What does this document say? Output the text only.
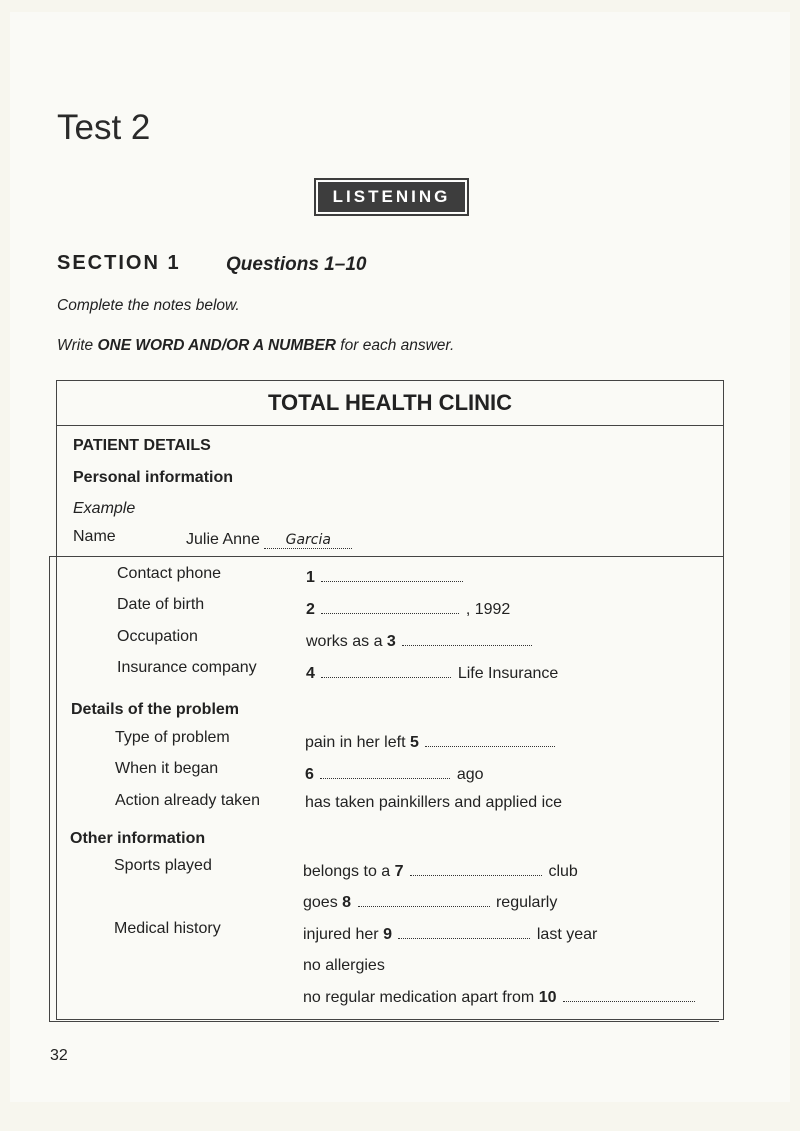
Test 2
LISTENING
SECTION 1 Questions 1–10
Complete the notes below.
Write ONE WORD AND/OR A NUMBER for each answer.
TOTAL HEALTH CLINIC
PATIENT DETAILS
Personal information
Example
Name	Julie Anne Garcia
Contact phone	1
Date of birth	2	, 1992
Occupation	works as a 3
Insurance company	4	Life Insurance
Details of the problem
Type of problem	pain in her left 5
When it began	6	ago
Action already taken	has taken painkillers and applied ice
Other information
Sports played	belongs to a 7	club
goes 8	regularly
Medical history	injured her 9	last year
no allergies
no regular medication apart from 10
32
